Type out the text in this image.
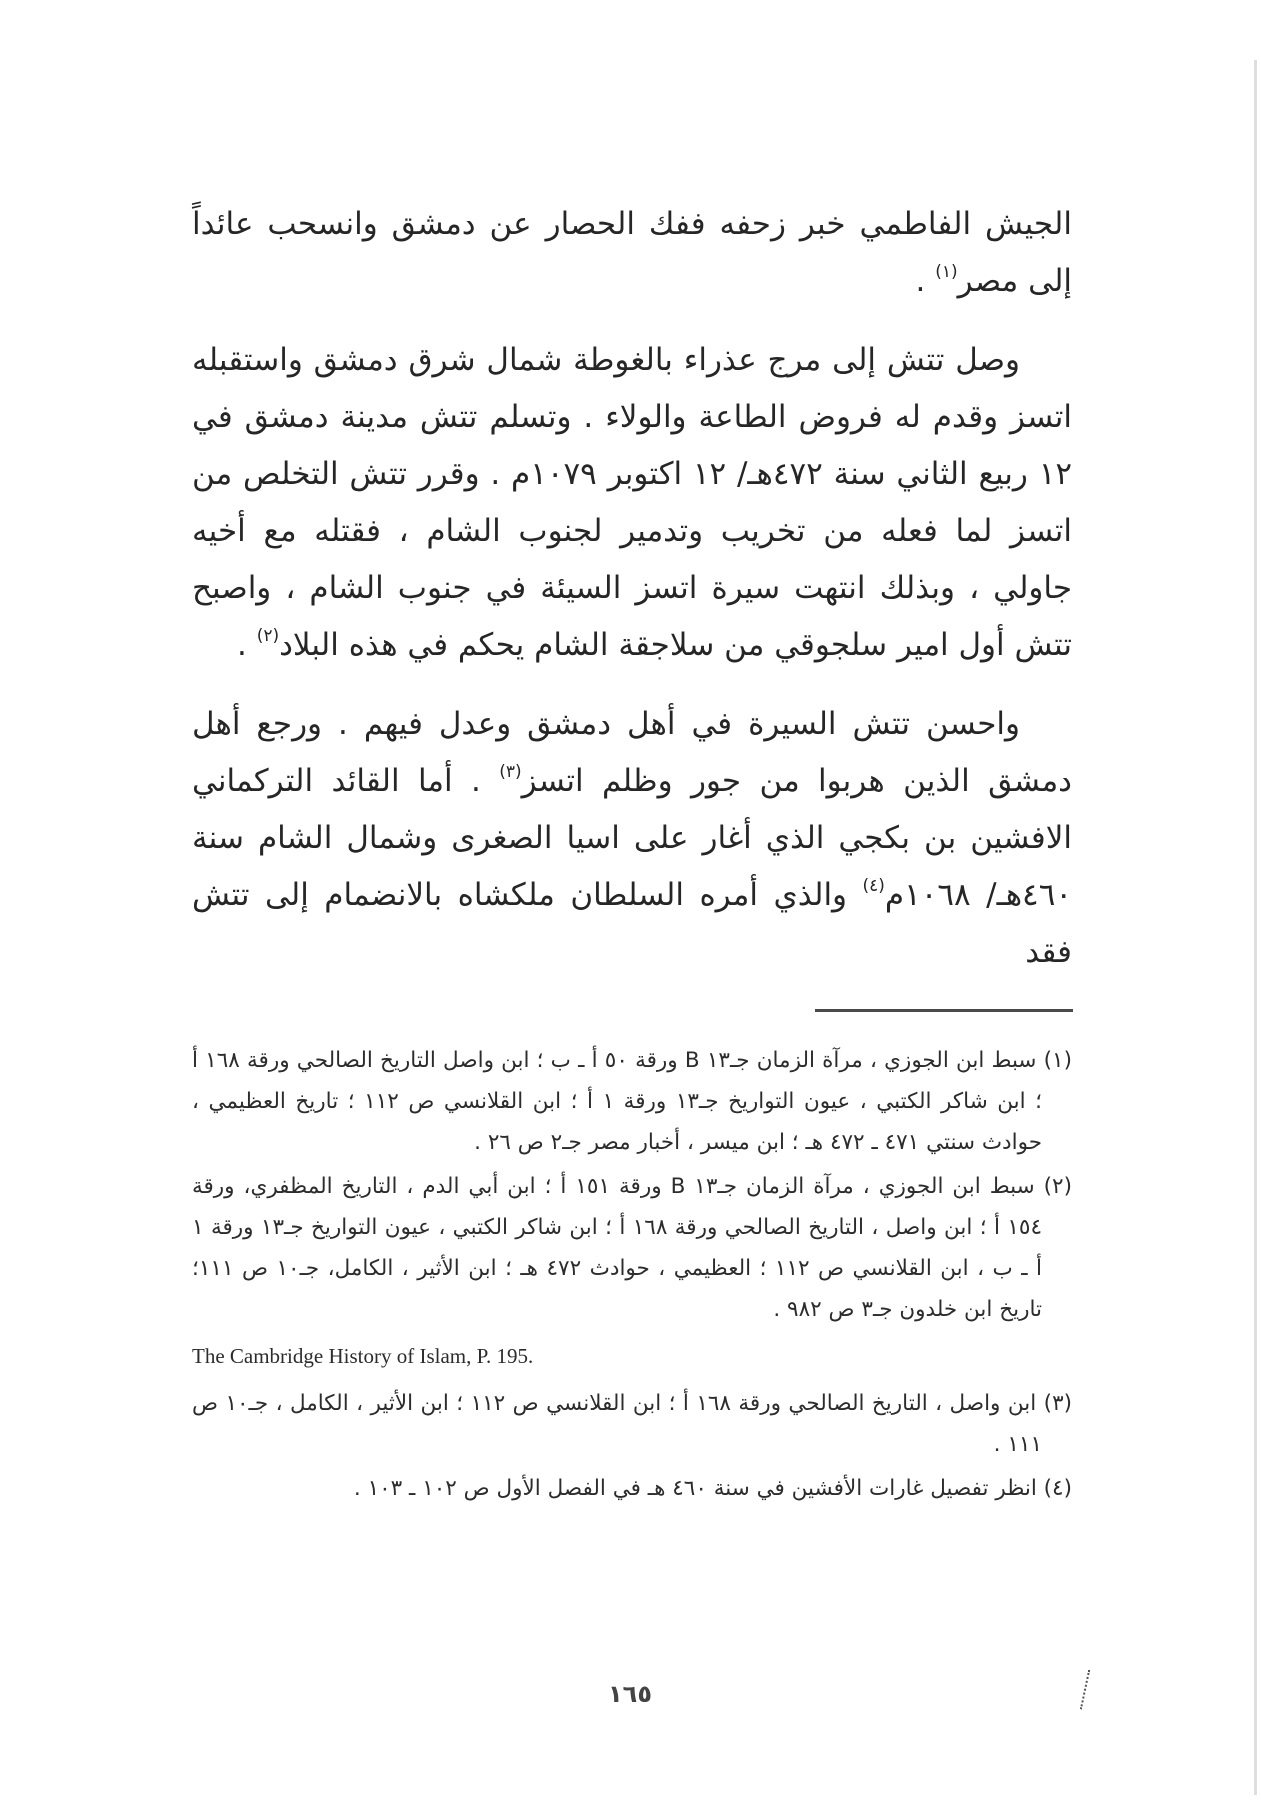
الجيش الفاطمي خبر زحفه ففك الحصار عن دمشق وانسحب عائداً إلى مصر$^{(١)}$ .

وصل تتش إلى مرج عذراء بالغوطة شمال شرق دمشق واستقبله اتسز وقدم له فروض الطاعة والولاء . وتسلم تتش مدينة دمشق في ١٢ ربيع الثاني سنة ٤٧٢هـ/ ١٢ اكتوبر ١٠٧٩م . وقرر تتش التخلص من اتسز لما فعله من تخريب وتدمير لجنوب الشام ، فقتله مع أخيه جاولي ، وبذلك انتهت سيرة اتسز السيئة في جنوب الشام ، واصبح تتش أول امير سلجوقي من سلاجقة الشام يحكم في هذه البلاد$^{(٢)}$ .

واحسن تتش السيرة في أهل دمشق وعدل فيهم . ورجع أهل دمشق الذين هربوا من جور وظلم اتسز$^{(٣)}$ . أما القائد التركماني الافشين بن بكجي الذي أغار على اسيا الصغرى وشمال الشام سنة ٤٦٠هـ/ ١٠٦٨م$^{(٤)}$ والذي أمره السلطان ملكشاه بالانضمام إلى تتش فقد

(١) سبط ابن الجوزي ، مرآة الزمان جـ١٣ B ورقة ٥٠ أ ـ ب ؛ ابن واصل التاريخ الصالحي ورقة ١٦٨ أ ؛ ابن شاكر الكتبي ، عيون التواريخ جـ١٣ ورقة ١ أ ؛ ابن القلانسي ص ١١٢ ؛ تاريخ العظيمي ، حوادث سنتي ٤٧١ ـ ٤٧٢ هـ ؛ ابن ميسر ، أخبار مصر جـ٢ ص ٢٦ .

(٢) سبط ابن الجوزي ، مرآة الزمان جـ١٣ B ورقة ١٥١ أ ؛ ابن أبي الدم ، التاريخ المظفري، ورقة ١٥٤ أ ؛ ابن واصل ، التاريخ الصالحي ورقة ١٦٨ أ ؛ ابن شاكر الكتبي ، عيون التواريخ جـ١٣ ورقة ١ أ ـ ب ، ابن القلانسي ص ١١٢ ؛ العظيمي ، حوادث ٤٧٢ هـ ؛ ابن الأثير ، الكامل، جـ١٠ ص ١١١؛ تاريخ ابن خلدون جـ٣ ص ٩٨٢ .

The Cambridge History of Islam, P. 195.

(٣) ابن واصل ، التاريخ الصالحي ورقة ١٦٨ أ ؛ ابن القلانسي ص ١١٢ ؛ ابن الأثير ، الكامل ، جـ١٠ ص ١١١ .

(٤) انظر تفصيل غارات الأفشين في سنة ٤٦٠ هـ في الفصل الأول ص ١٠٢ ـ ١٠٣ .

١٦٥
